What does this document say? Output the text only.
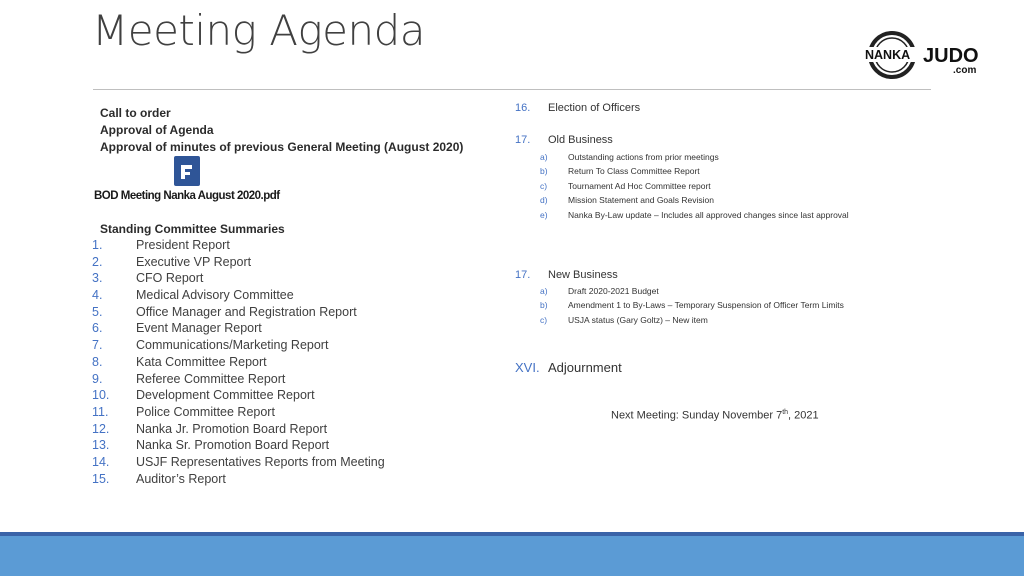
Meeting Agenda	NANKA JUDO
.com
Call to order
Approval of Agenda
Approval of minutes of previous General Meeting (August 2020)
BOD Meeting Nanka August 2020.pdf
Standing Committee Summaries
1.	President Report
2.	Executive VP Report
3.	CFO Report
4.	Medical Advisory Committee
5.	Office Manager and Registration Report
6.	Event Manager Report
7.	Communications/Marketing Report
8.	Kata Committee Report
9.	Referee Committee Report
10. Development Committee Report
11. Police Committee Report
12. Nanka Jr. Promotion Board Report
13. Nanka Sr. Promotion Board Report
14. USJF Representatives Reports from Meeting
15. Auditor’s Report
16. Election of Officers
17. Old Business
a) Outstanding actions from prior meetings
b) Return To Class Committee Report
c) Tournament Ad Hoc Committee report
d) Mission Statement and Goals Revision
e) Nanka By-Law update – Includes all approved changes since last approval
17. New Business
a) Draft 2020-2021 Budget
b) Amendment 1 to By-Laws – Temporary Suspension of Officer Term Limits
c) USJA status (Gary Goltz) – New item
XVI. Adjournment
Next Meeting: Sunday November 7th, 2021
